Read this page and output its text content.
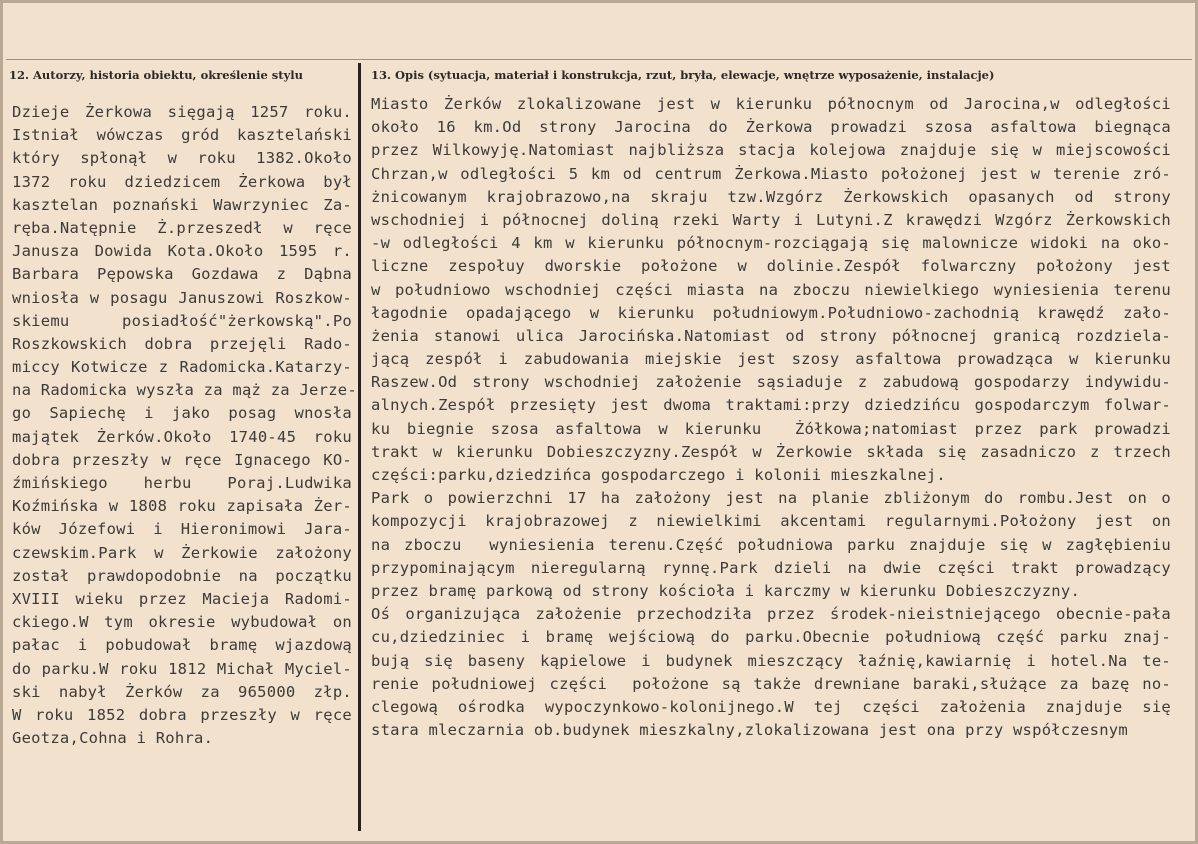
12. Autorzy, historia obiektu, określenie stylu	13. Opis (sytuacja, materiał i konstrukcja, rzut, bryła, elewacje, wnętrze wyposażenie, instalacje)
Dzieje Żerkowa sięgają 1257 roku.
Istniał wówczas gród kasztelański
który spłonął w roku 1382.Około
1372 roku dziedzicem Żerkowa był
kasztelan poznański Wawrzyniec Za-
ręba.Natępnie Ż.przeszedł w ręce
Janusza Dowida Kota.Około 1595 r.
Barbara Pępowska Gozdawa z Dąbna
wniosła w posagu Januszowi Roszkow-
skiemu posiadłość"żerkowską".Po
Roszkowskich dobra przejęli Rado-
miccy Kotwicze z Radomicka.Katarzy-
na Radomicka wyszła za mąż za Jerze-
go Sapiechę i jako posag wnosła
majątek Żerków.Około 1740-45 roku
dobra przeszły w ręce Ignacego KO-
źmińskiego herbu Poraj.Ludwika
Koźmińska w 1808 roku zapisała Żer-
ków Józefowi i Hieronimowi Jara-
czewskim.Park w Żerkowie założony
został prawdopodobnie na początku
XVIII wieku przez Macieja Radomi-
ckiego.W tym okresie wybudował on
pałac i pobudował bramę wjazdową
do parku.W roku 1812 Michał Myciel-
ski nabył Żerków za 965000 złp.
W roku 1852 dobra przeszły w ręce
Geotza,Cohna i Rohra.
Miasto Żerków zlokalizowane jest w kierunku północnym od Jarocina,w odległości
około 16 km.Od strony Jarocina do Żerkowa prowadzi szosa asfaltowa biegnąca
przez Wilkowyję.Natomiast najbliższa stacja kolejowa znajduje się w miejscowości
Chrzan,w odległości 5 km od centrum Żerkowa.Miasto położonej jest w terenie zró-
żnicowanym krajobrazowo,na skraju tzw.Wzgórz Żerkowskich opasanych od strony
wschodniej i północnej doliną rzeki Warty i Lutyni.Z krawędzi Wzgórz Żerkowskich
-w odległości 4 km w kierunku północnym-rozciągają się malownicze widoki na oko-
liczne zespołuy dworskie położone w dolinie.Zespół folwarczny położony jest
w południowo wschodniej części miasta na zboczu niewielkiego wyniesienia terenu
łagodnie opadającego w kierunku południowym.Południowo-zachodnią krawędź zało-
żenia stanowi ulica Jarocińska.Natomiast od strony północnej granicą rozdziela-
jącą zespół i zabudowania miejskie jest szosy asfaltowa prowadząca w kierunku
Raszew.Od strony wschodniej założenie sąsiaduje z zabudową gospodarzy indywidu-
alnych.Zespół przesięty jest dwoma traktami:przy dziedzińcu gospodarczym folwar-
ku biegnie szosa asfaltowa w kierunku  Żółkowa;natomiast przez park prowadzi
trakt w kierunku Dobieszczyzny.Zespół w Żerkowie składa się zasadniczo z trzech
części:parku,dziedzińca gospodarczego i kolonii mieszkalnej.
Park o powierzchni 17 ha założony jest na planie zbliżonym do rombu.Jest on o
kompozycji krajobrazowej z niewielkimi akcentami regularnymi.Położony jest on
na zboczu  wyniesienia terenu.Część południowa parku znajduje się w zagłębieniu
przypominającym nieregularną rynnę.Park dzieli na dwie części trakt prowadzący
przez bramę parkową od strony kościoła i karczmy w kierunku Dobieszczyzny.
Oś organizująca założenie przechodziła przez środek-nieistniejącego obecnie-pała
cu,dziedziniec i bramę wejściową do parku.Obecnie południową część parku znaj-
bują się baseny kąpielowe i budynek mieszczący łaźnię,kawiarnię i hotel.Na te-
renie południowej części  położone są także drewniane baraki,służące za bazę no-
clegową ośrodka wypoczynkowo-kolonijnego.W tej części założenia znajduje się
stara mleczarnia ob.budynek mieszkalny,zlokalizowana jest ona przy współczesnym
